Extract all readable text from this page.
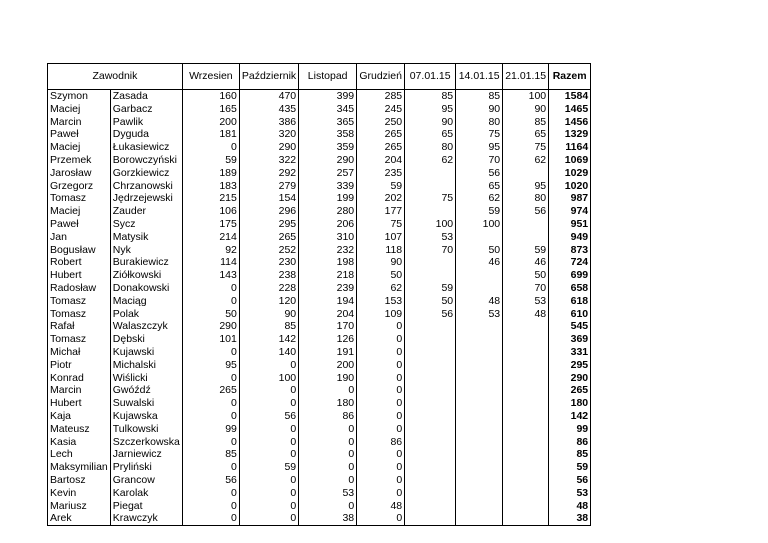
Zawodnik		Wrzesien	Październik	Listopad	Grudzień	07.01.15	14.01.15	21.01.15	Razem
Szymon	Zasada	160	470	399	285	85	85	100	1584
Maciej	Garbacz	165	435	345	245	95	90	90	1465
Marcin	Pawlik	200	386	365	250	90	80	85	1456
Paweł	Dyguda	181	320	358	265	65	75	65	1329
Maciej	Łukasiewicz	0	290	359	265	80	95	75	1164
Przemek	Borowczyński	59	322	290	204	62	70	62	1069
Jarosław	Gorzkiewicz	189	292	257	235		56		1029
Grzegorz	Chrzanowski	183	279	339	59		65	95	1020
Tomasz	Jędrzejewski	215	154	199	202	75	62	80	987
Maciej	Zauder	106	296	280	177		59	56	974
Paweł	Sycz	175	295	206	75	100	100		951
Jan	Matysik	214	265	310	107	53			949
Bogusław	Nyk	92	252	232	118	70	50	59	873
Robert	Burakiewicz	114	230	198	90		46	46	724
Hubert	Ziółkowski	143	238	218	50			50	699
Radosław	Donakowski	0	228	239	62	59		70	658
Tomasz	Maciąg	0	120	194	153	50	48	53	618
Tomasz	Polak	50	90	204	109	56	53	48	610
Rafał	Walaszczyk	290	85	170	0				545
Tomasz	Dębski	101	142	126	0				369
Michał	Kujawski	0	140	191	0				331
Piotr	Michalski	95	0	200	0				295
Konrad	Wiślicki	0	100	190	0				290
Marcin	Gwóźdź	265	0	0	0				265
Hubert	Suwalski	0	0	180	0				180
Kaja	Kujawska	0	56	86	0				142
Mateusz	Tulkowski	99	0	0	0				99
Kasia	Szczerkowska	0	0	0	86				86
Lech	Jarniewicz	85	0	0	0				85
Maksymilian	Pryliński	0	59	0	0				59
Bartosz	Grancow	56	0	0	0				56
Kevin	Karolak	0	0	53	0				53
Mariusz	Piegat	0	0	0	48				48
Arek	Krawczyk	0	0	38	0				38
